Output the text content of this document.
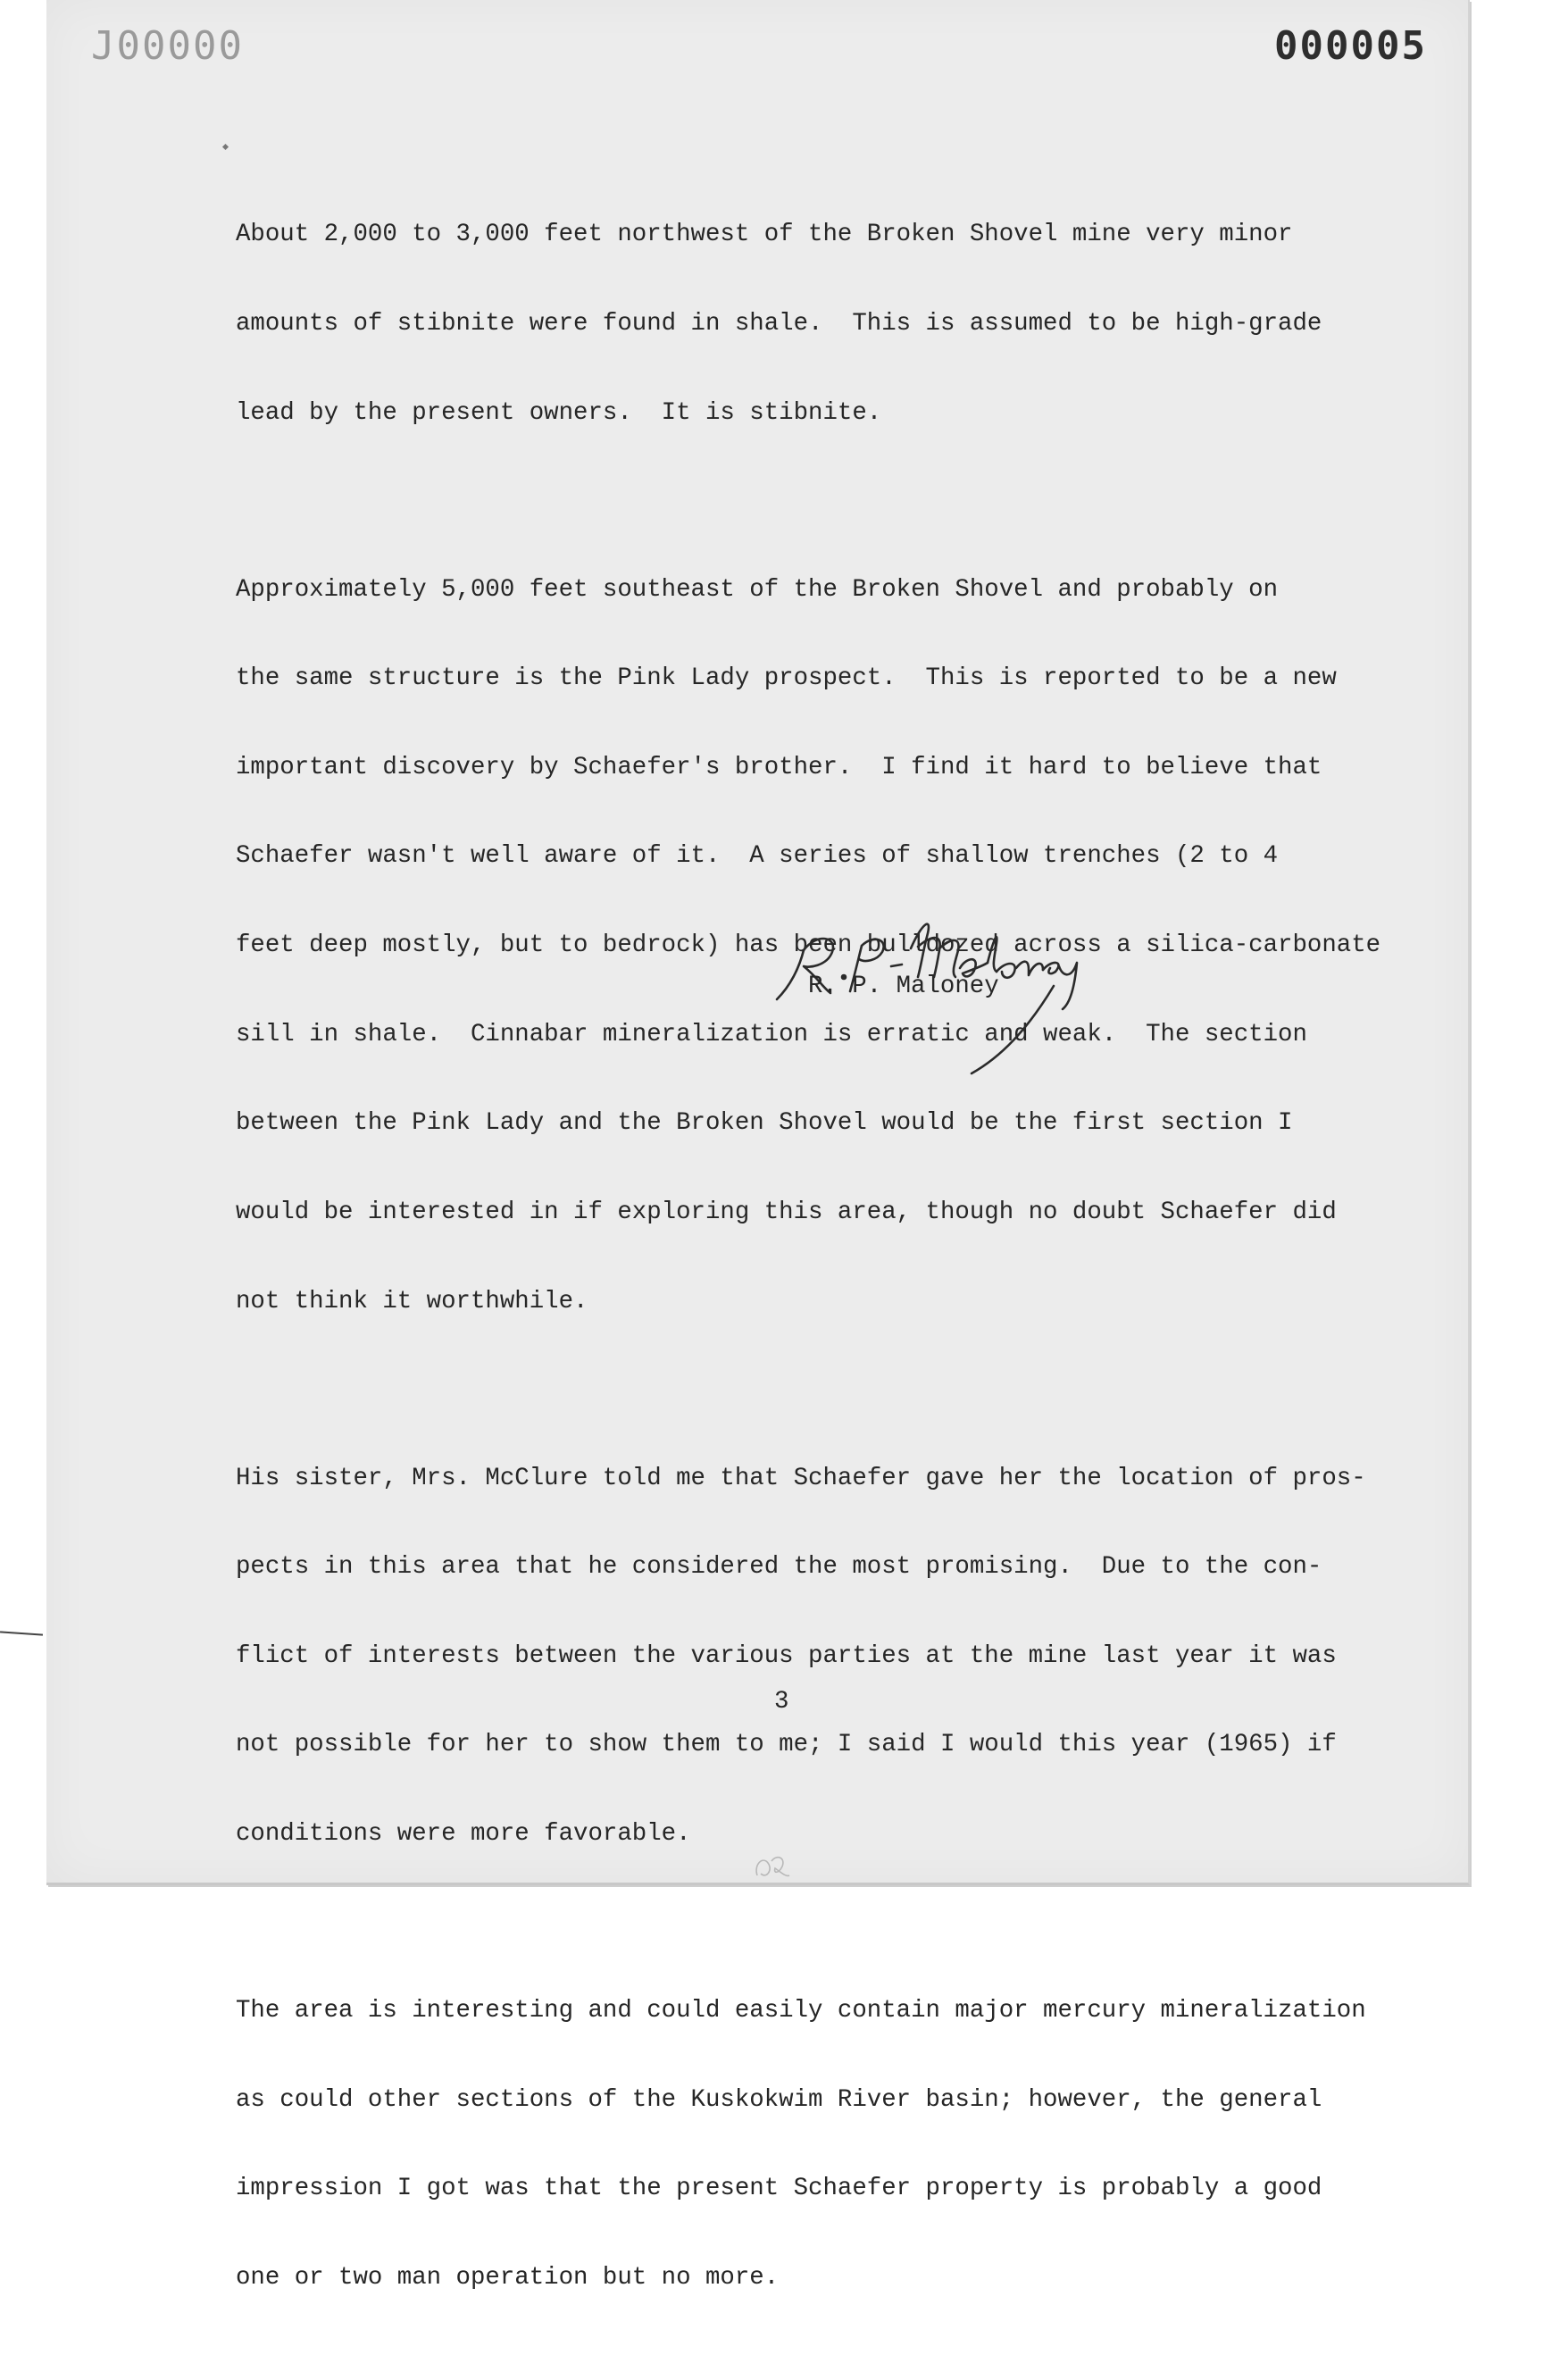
J00000	000005

About 2,000 to 3,000 feet northwest of the Broken Shovel mine very minor

amounts of stibnite were found in shale.  This is assumed to be high-grade

lead by the present owners.  It is stibnite.

Approximately 5,000 feet southeast of the Broken Shovel and probably on

the same structure is the Pink Lady prospect.  This is reported to be a new

important discovery by Schaefer's brother.  I find it hard to believe that

Schaefer wasn't well aware of it.  A series of shallow trenches (2 to 4

feet deep mostly, but to bedrock) has been bulldozed across a silica-carbonate

sill in shale.  Cinnabar mineralization is erratic and weak.  The section

between the Pink Lady and the Broken Shovel would be the first section I

would be interested in if exploring this area, though no doubt Schaefer did

not think it worthwhile.

His sister, Mrs. McClure told me that Schaefer gave her the location of pros-

pects in this area that he considered the most promising.  Due to the con-

flict of interests between the various parties at the mine last year it was

not possible for her to show them to me; I said I would this year (1965) if

conditions were more favorable.

The area is interesting and could easily contain major mercury mineralization

as could other sections of the Kuskokwim River basin; however, the general

impression I got was that the present Schaefer property is probably a good

one or two man operation but no more.

R. P. Maloney
3
